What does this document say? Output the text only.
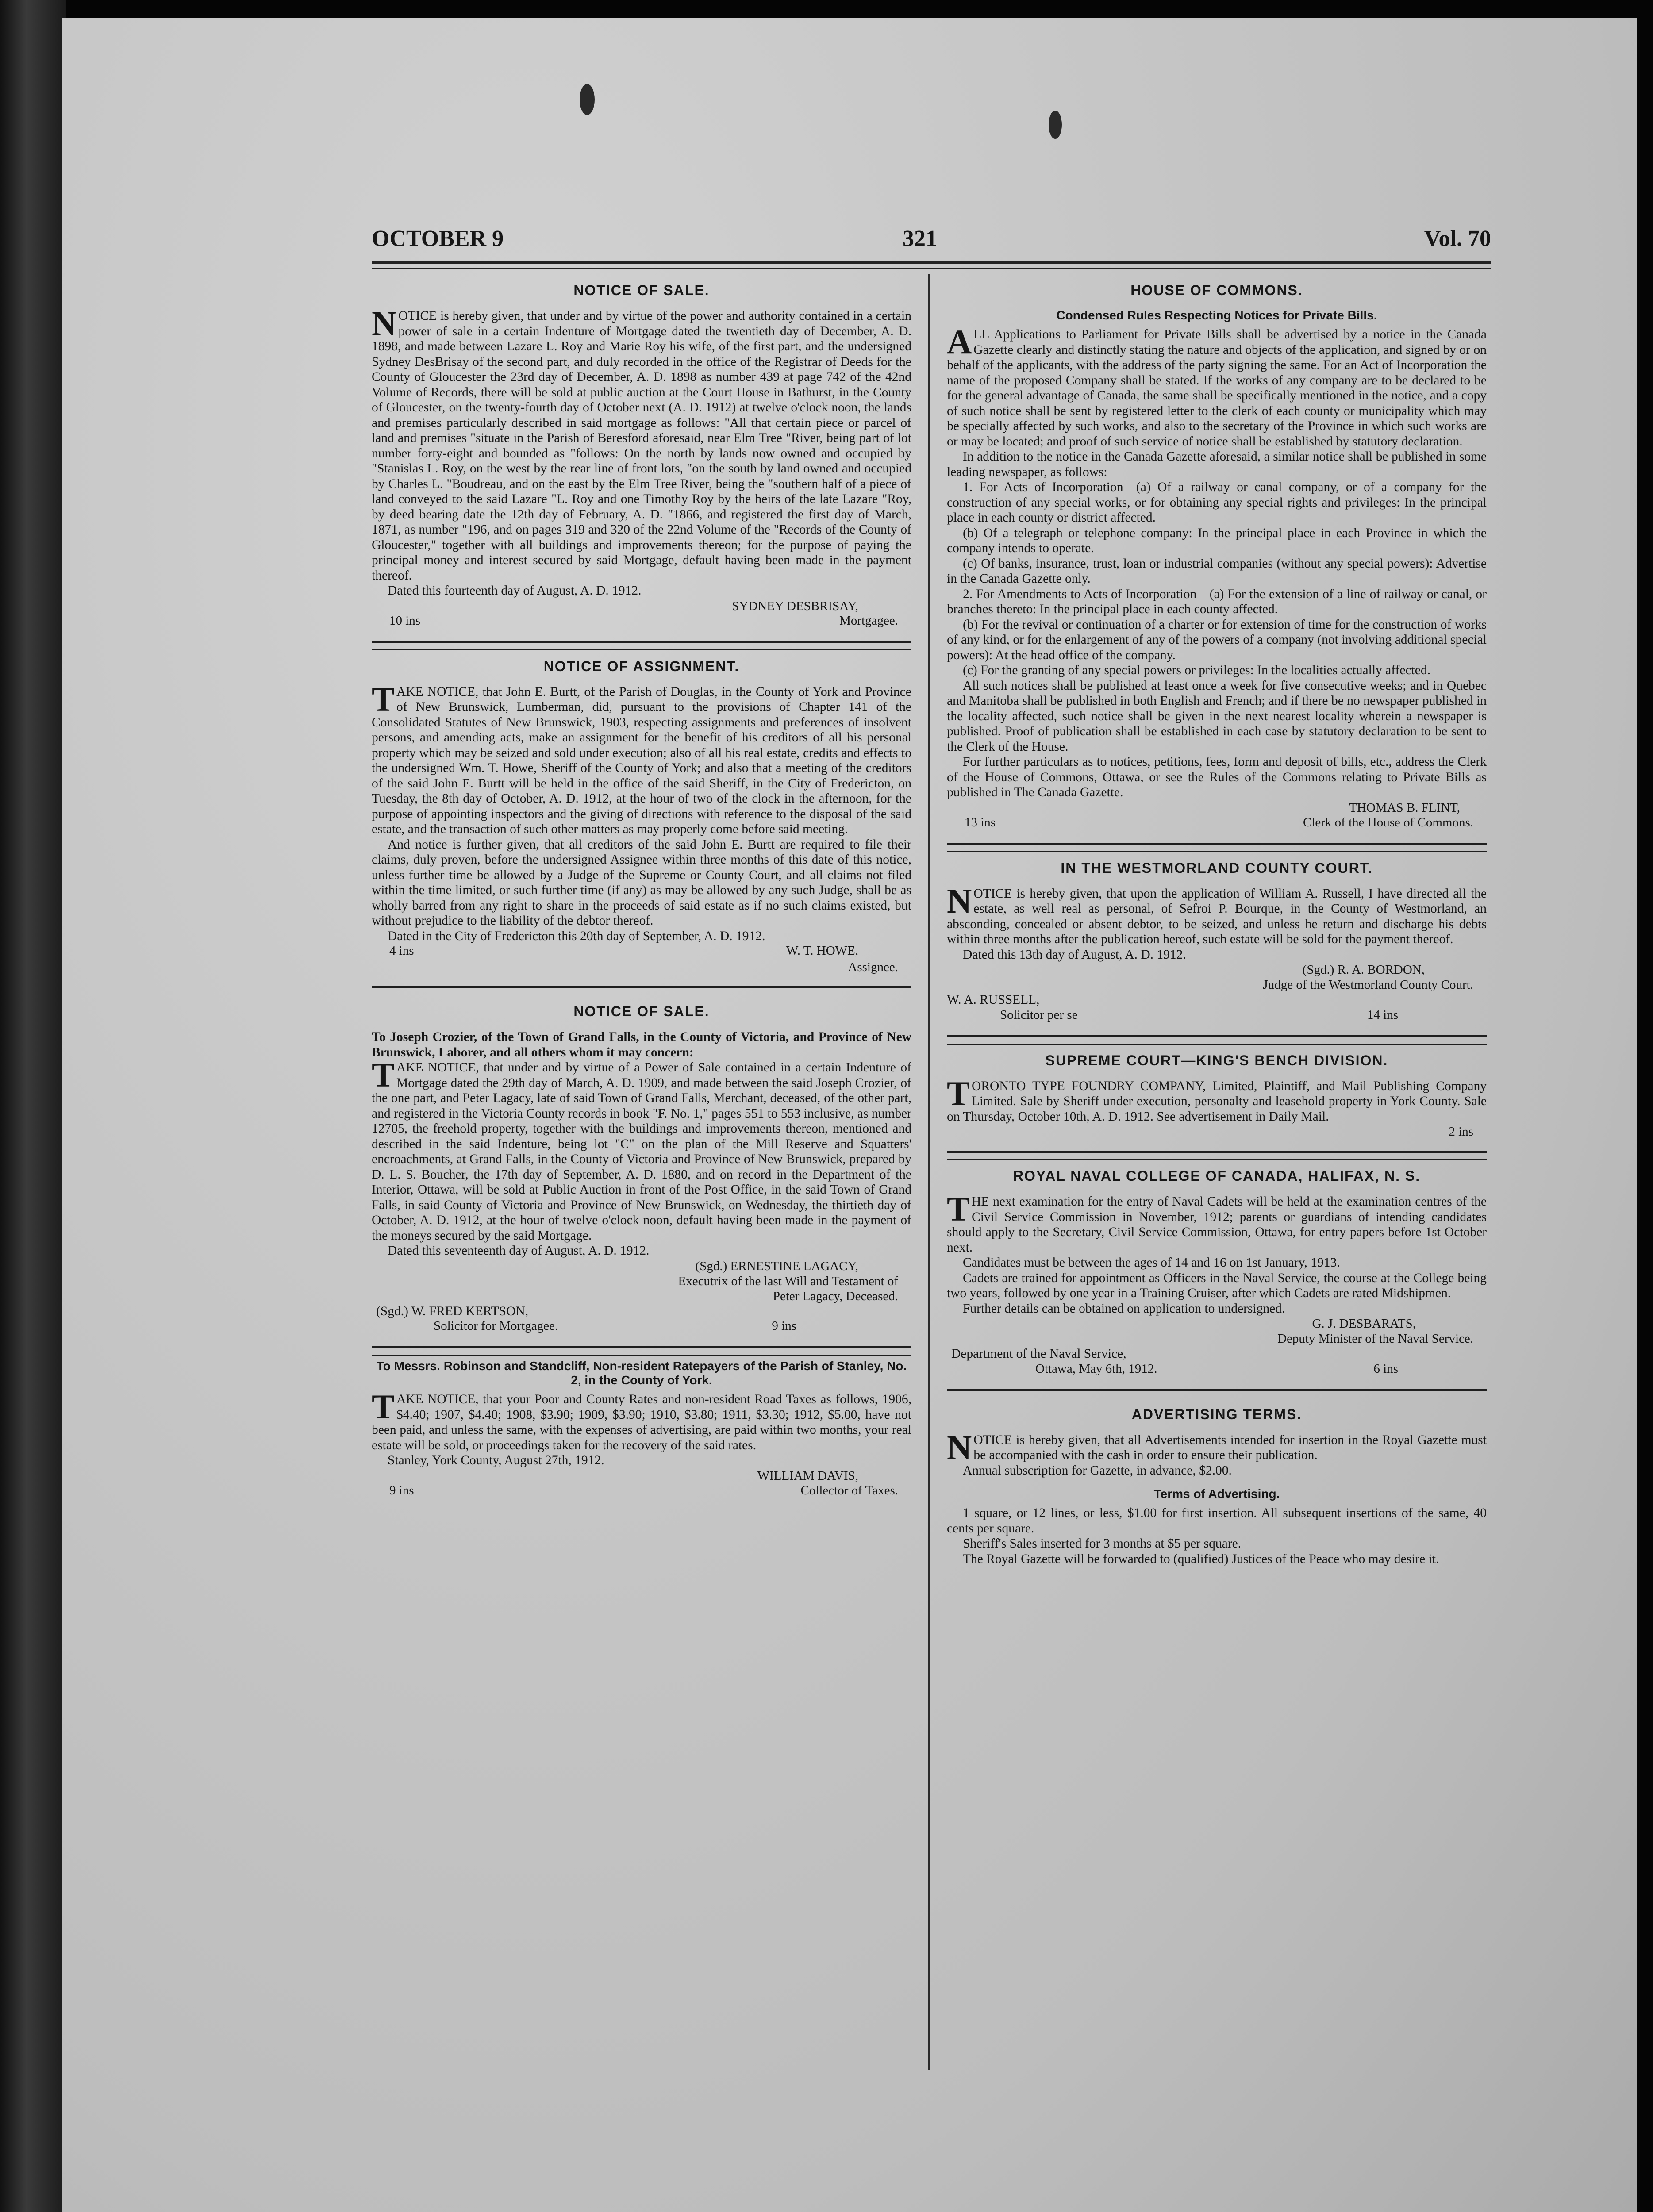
OCTOBER 9	321	Vol. 70
NOTICE OF SALE.

NOTICE is hereby given, that under and by virtue of the power and authority contained in a certain power of sale in a certain Indenture of Mortgage dated the twentieth day of December, A. D. 1898, and made between Lazare L. Roy and Marie Roy his wife, of the first part, and the undersigned Sydney DesBrisay of the second part, and duly recorded in the office of the Registrar of Deeds for the County of Gloucester the 23rd day of December, A. D. 1898 as number 439 at page 742 of the 42nd Volume of Records, there will be sold at public auction at the Court House in Bathurst, in the County of Gloucester, on the twenty-fourth day of October next (A. D. 1912) at twelve o'clock noon, the lands and premises particularly described in said mortgage as follows: "All that certain piece or parcel of land and premises "situate in the Parish of Beresford aforesaid, near Elm Tree "River, being part of lot number forty-eight and bounded as "follows: On the north by lands now owned and occupied by "Stanislas L. Roy, on the west by the rear line of front lots, "on the south by land owned and occupied by Charles L. "Boudreau, and on the east by the Elm Tree River, being the "southern half of a piece of land conveyed to the said Lazare "L. Roy and one Timothy Roy by the heirs of the late Lazare "Roy, by deed bearing date the 12th day of February, A. D. "1866, and registered the first day of March, 1871, as number "196, and on pages 319 and 320 of the 22nd Volume of the "Records of the County of Gloucester," together with all buildings and improvements thereon; for the purpose of paying the principal money and interest secured by said Mortgage, default having been made in the payment thereof.

Dated this fourteenth day of August, A. D. 1912.

SYDNEY DESBRISAY,
10 ins	Mortgagee.
NOTICE OF ASSIGNMENT.

TAKE NOTICE, that John E. Burtt, of the Parish of Douglas, in the County of York and Province of New Brunswick, Lumberman, did, pursuant to the provisions of Chapter 141 of the Consolidated Statutes of New Brunswick, 1903, respecting assignments and preferences of insolvent persons, and amending acts, make an assignment for the benefit of his creditors of all his personal property which may be seized and sold under execution; also of all his real estate, credits and effects to the undersigned Wm. T. Howe, Sheriff of the County of York; and also that a meeting of the creditors of the said John E. Burtt will be held in the office of the said Sheriff, in the City of Fredericton, on Tuesday, the 8th day of October, A. D. 1912, at the hour of two of the clock in the afternoon, for the purpose of appointing inspectors and the giving of directions with reference to the disposal of the said estate, and the transaction of such other matters as may properly come before said meeting.

And notice is further given, that all creditors of the said John E. Burtt are required to file their claims, duly proven, before the undersigned Assignee within three months of this date of this notice, unless further time be allowed by a Judge of the Supreme or County Court, and all claims not filed within the time limited, or such further time (if any) as may be allowed by any such Judge, shall be as wholly barred from any right to share in the proceeds of said estate as if no such claims existed, but without prejudice to the liability of the debtor thereof.

Dated in the City of Fredericton this 20th day of September, A. D. 1912.

4 ins	W. T. HOWE,
Assignee.
NOTICE OF SALE.

To Joseph Crozier, of the Town of Grand Falls, in the County of Victoria, and Province of New Brunswick, Laborer, and all others whom it may concern:

TAKE NOTICE, that under and by virtue of a Power of Sale contained in a certain Indenture of Mortgage dated the 29th day of March, A. D. 1909, and made between the said Joseph Crozier, of the one part, and Peter Lagacy, late of said Town of Grand Falls, Merchant, deceased, of the other part, and registered in the Victoria County records in book "F. No. 1," pages 551 to 553 inclusive, as number 12705, the freehold property, together with the buildings and improvements thereon, mentioned and described in the said Indenture, being lot "C" on the plan of the Mill Reserve and Squatters' encroachments, at Grand Falls, in the County of Victoria and Province of New Brunswick, prepared by D. L. S. Boucher, the 17th day of September, A. D. 1880, and on record in the Department of the Interior, Ottawa, will be sold at Public Auction in front of the Post Office, in the said Town of Grand Falls, in said County of Victoria and Province of New Brunswick, on Wednesday, the thirtieth day of October, A. D. 1912, at the hour of twelve o'clock noon, default having been made in the payment of the moneys secured by the said Mortgage.

Dated this seventeenth day of August, A. D. 1912.

(Sgd.) ERNESTINE LAGACY,
Executrix of the last Will and Testament of
Peter Lagacy, Deceased.

(Sgd.) W. FRED KERTSON,

Solicitor for Mortgagee.	9 ins
To Messrs. Robinson and Standcliff, Non-resident Ratepayers of the Parish of Stanley, No. 2, in the County of York.

TAKE NOTICE, that your Poor and County Rates and non-resident Road Taxes as follows, 1906, $4.40; 1907, $4.40; 1908, $3.90; 1909, $3.90; 1910, $3.80; 1911, $3.30; 1912, $5.00, have not been paid, and unless the same, with the expenses of advertising, are paid within two months, your real estate will be sold, or proceedings taken for the recovery of the said rates.

Stanley, York County, August 27th, 1912.

WILLIAM DAVIS,
9 ins	Collector of Taxes.
HOUSE OF COMMONS.
Condensed Rules Respecting Notices for Private Bills.

ALL Applications to Parliament for Private Bills shall be advertised by a notice in the Canada Gazette clearly and distinctly stating the nature and objects of the application, and signed by or on behalf of the applicants, with the address of the party signing the same. For an Act of Incorporation the name of the proposed Company shall be stated. If the works of any company are to be declared to be for the general advantage of Canada, the same shall be specifically mentioned in the notice, and a copy of such notice shall be sent by registered letter to the clerk of each county or municipality which may be specially affected by such works, and also to the secretary of the Province in which such works are or may be located; and proof of such service of notice shall be established by statutory declaration.

In addition to the notice in the Canada Gazette aforesaid, a similar notice shall be published in some leading newspaper, as follows:

1. For Acts of Incorporation—(a) Of a railway or canal company, or of a company for the construction of any special works, or for obtaining any special rights and privileges: In the principal place in each county or district affected.

(b) Of a telegraph or telephone company: In the principal place in each Province in which the company intends to operate.

(c) Of banks, insurance, trust, loan or industrial companies (without any special powers): Advertise in the Canada Gazette only.

2. For Amendments to Acts of Incorporation—(a) For the extension of a line of railway or canal, or branches thereto: In the principal place in each county affected.

(b) For the revival or continuation of a charter or for extension of time for the construction of works of any kind, or for the enlargement of any of the powers of a company (not involving additional special powers): At the head office of the company.

(c) For the granting of any special powers or privileges: In the localities actually affected.

All such notices shall be published at least once a week for five consecutive weeks; and in Quebec and Manitoba shall be published in both English and French; and if there be no newspaper published in the locality affected, such notice shall be given in the next nearest locality wherein a newspaper is published. Proof of publication shall be established in each case by statutory declaration to be sent to the Clerk of the House.

For further particulars as to notices, petitions, fees, form and deposit of bills, etc., address the Clerk of the House of Commons, Ottawa, or see the Rules of the Commons relating to Private Bills as published in The Canada Gazette.

THOMAS B. FLINT,
13 ins	Clerk of the House of Commons.
IN THE WESTMORLAND COUNTY COURT.

NOTICE is hereby given, that upon the application of William A. Russell, I have directed all the estate, as well real as personal, of Sefroi P. Bourque, in the County of Westmorland, an absconding, concealed or absent debtor, to be seized, and unless he return and discharge his debts within three months after the publication hereof, such estate will be sold for the payment thereof.

Dated this 13th day of August, A. D. 1912.

(Sgd.) R. A. BORDON,
Judge of the Westmorland County Court.

W. A. RUSSELL,

Solicitor per se	14 ins
SUPREME COURT—KING'S BENCH DIVISION.

TORONTO TYPE FOUNDRY COMPANY, Limited, Plaintiff, and Mail Publishing Company Limited. Sale by Sheriff under execution, personalty and leasehold property in York County. Sale on Thursday, October 10th, A. D. 1912. See advertisement in Daily Mail.

2 ins
ROYAL NAVAL COLLEGE OF CANADA, HALIFAX, N. S.

THE next examination for the entry of Naval Cadets will be held at the examination centres of the Civil Service Commission in November, 1912; parents or guardians of intending candidates should apply to the Secretary, Civil Service Commission, Ottawa, for entry papers before 1st October next.

Candidates must be between the ages of 14 and 16 on 1st January, 1913.

Cadets are trained for appointment as Officers in the Naval Service, the course at the College being two years, followed by one year in a Training Cruiser, after which Cadets are rated Midshipmen.

Further details can be obtained on application to undersigned.

G. J. DESBARATS,
Deputy Minister of the Naval Service.

Department of the Naval Service,

Ottawa, May 6th, 1912.	6 ins
ADVERTISING TERMS.

NOTICE is hereby given, that all Advertisements intended for insertion in the Royal Gazette must be accompanied with the cash in order to ensure their publication.

Annual subscription for Gazette, in advance, $2.00.

Terms of Advertising.

1 square, or 12 lines, or less, $1.00 for first insertion. All subsequent insertions of the same, 40 cents per square.

Sheriff's Sales inserted for 3 months at $5 per square.

The Royal Gazette will be forwarded to (qualified) Justices of the Peace who may desire it.
